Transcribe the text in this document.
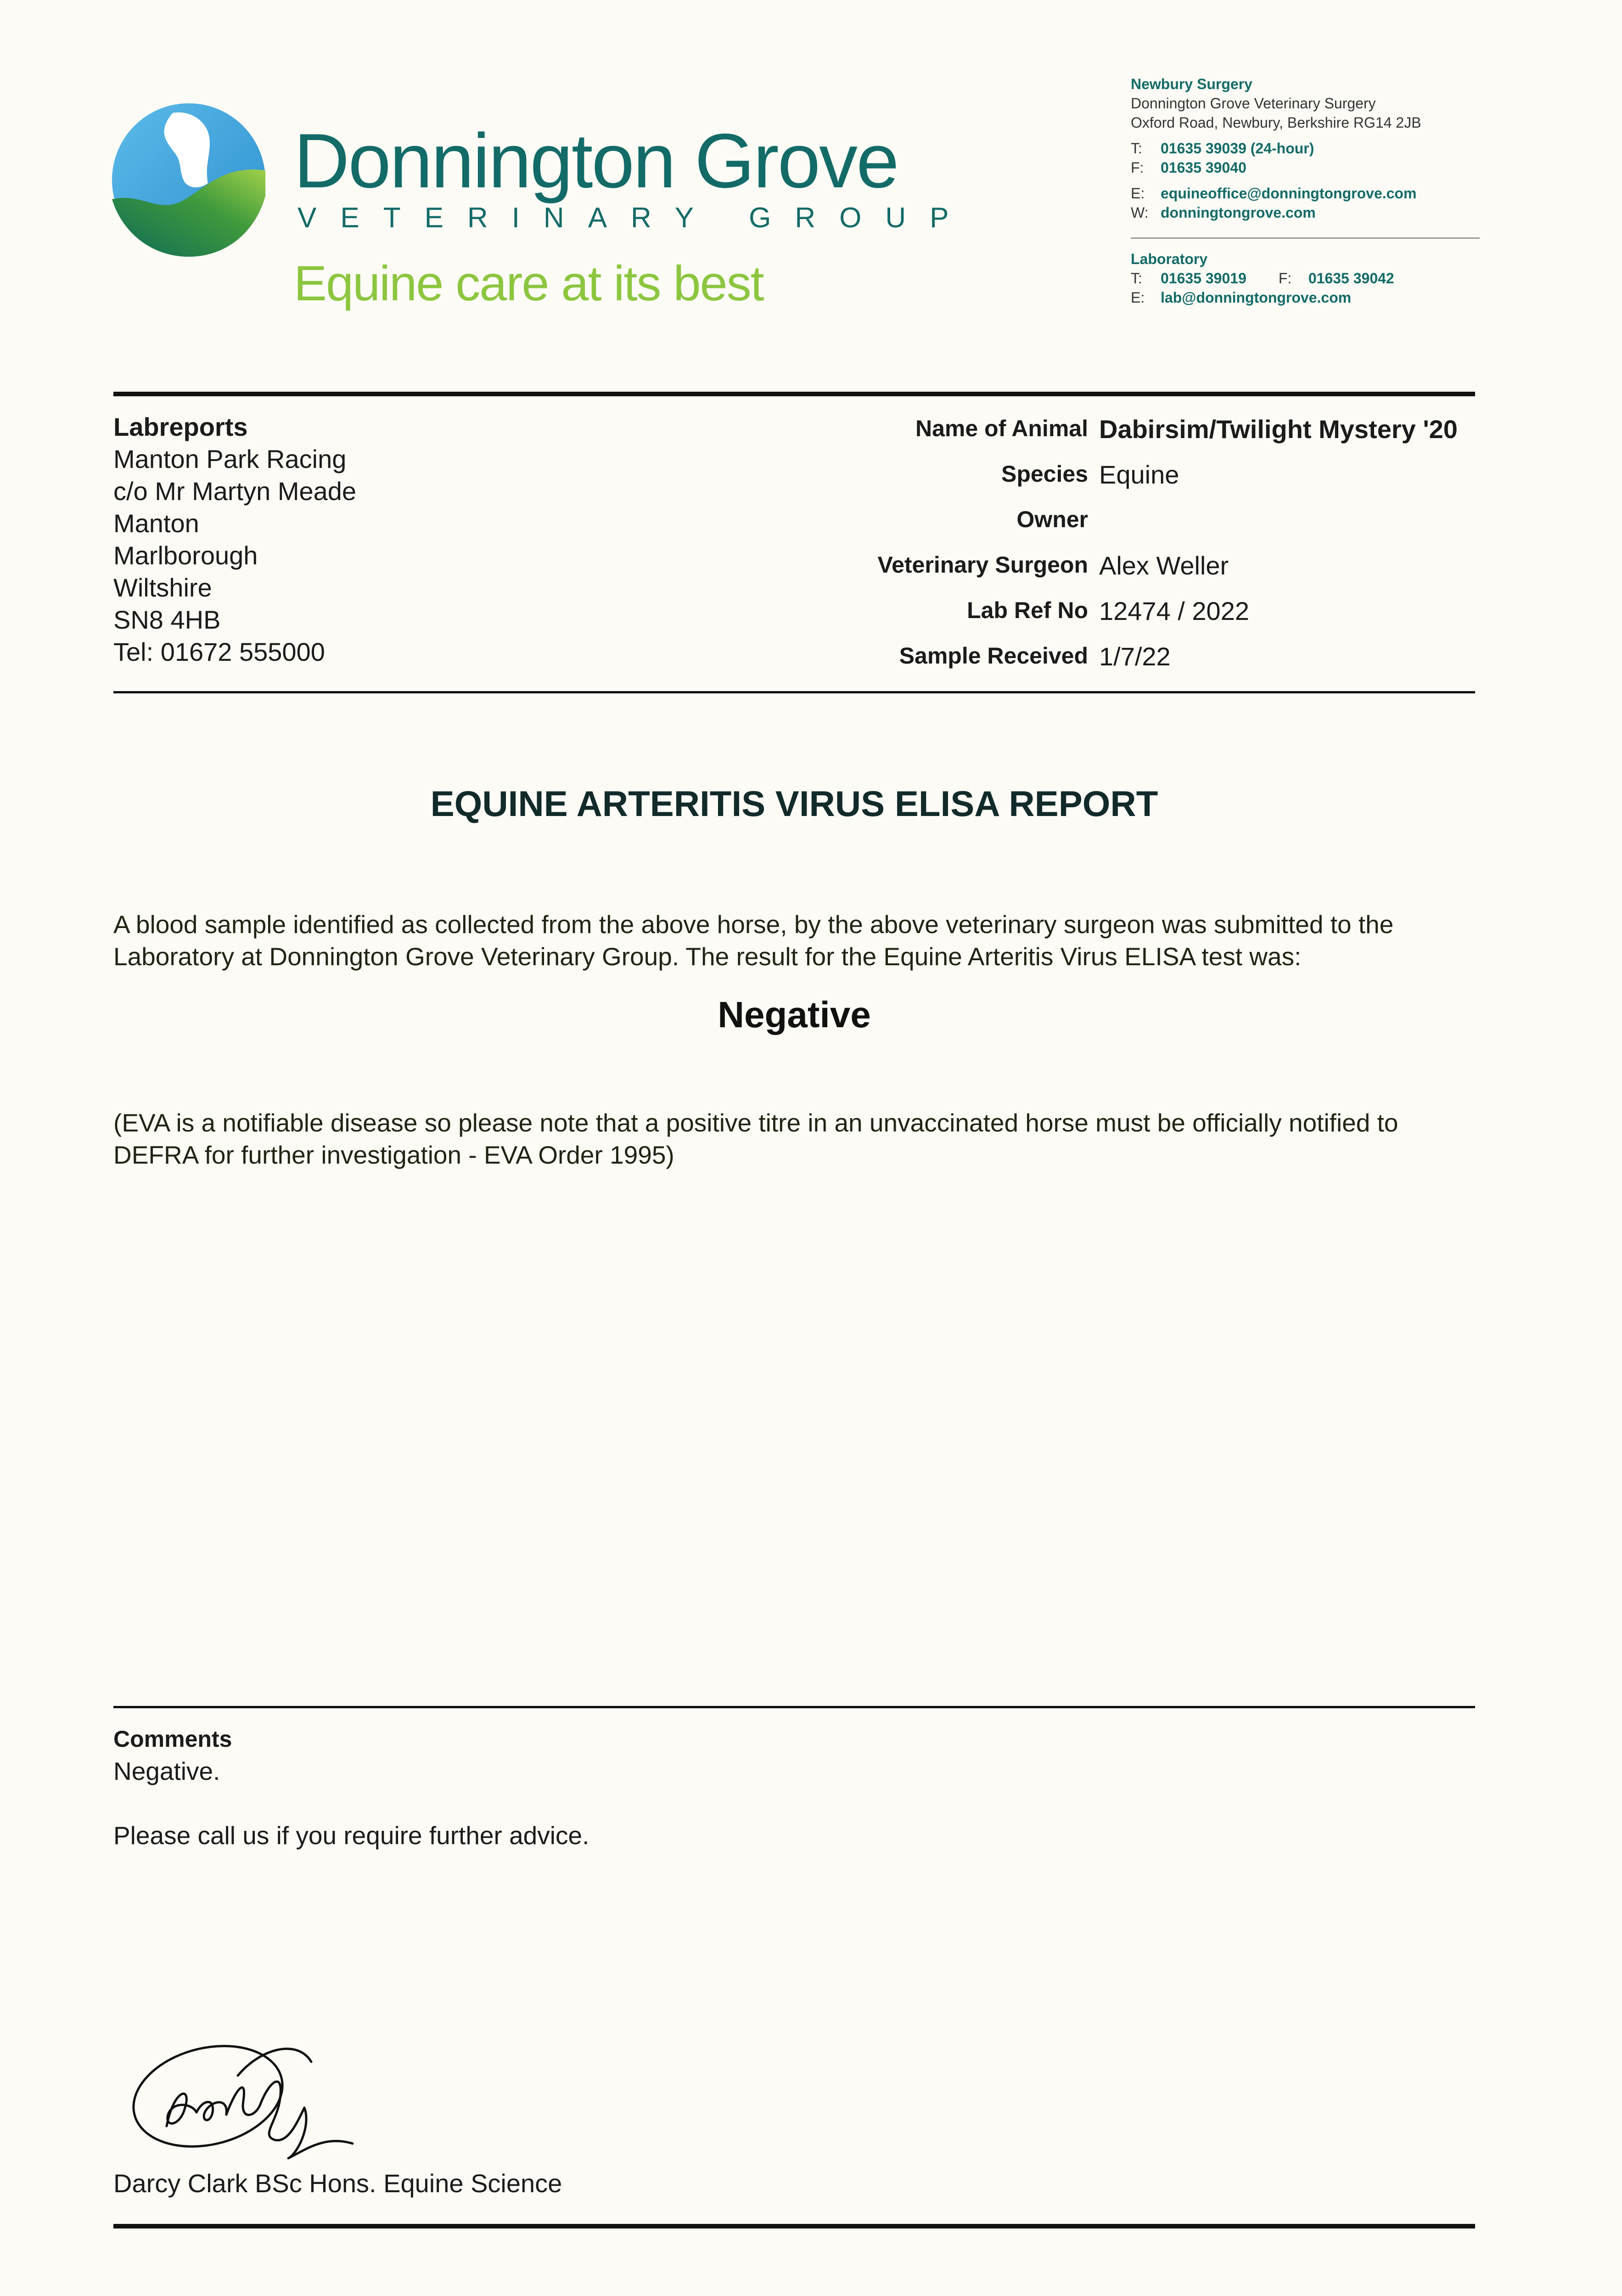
Donnington Grove
VETERINARY GROUP
Equine care at its best
Newbury Surgery
Donnington Grove Veterinary Surgery
Oxford Road, Newbury, Berkshire RG14 2JB
T:	01635 39039 (24-hour)
F:	01635 39040
E:	equineoffice@donningtongrove.com
W: donningtongrove.com
Laboratory
T:	01635 39019 F:	01635 39042
E:	lab@donningtongrove.com
Labreports
Manton Park Racing
c/o Mr Martyn Meade
Manton
Marlborough
Wiltshire
SN8 4HB
Tel: 01672 555000
Name of Animal Dabirsim/Twilight Mystery '20
Species Equine
Owner
Veterinary Surgeon Alex Weller
Lab Ref No 12474 / 2022
Sample Received 1/7/22
EQUINE ARTERITIS VIRUS ELISA REPORT
A blood sample identified as collected from the above horse, by the above veterinary surgeon was submitted to the Laboratory at Donnington Grove Veterinary Group. The result for the Equine Arteritis Virus ELISA test was:
Negative
(EVA is a notifiable disease so please note that a positive titre in an unvaccinated horse must be officially notified to DEFRA for further investigation - EVA Order 1995)
Comments
Negative.
Please call us if you require further advice.
Darcy Clark BSc Hons. Equine Science
